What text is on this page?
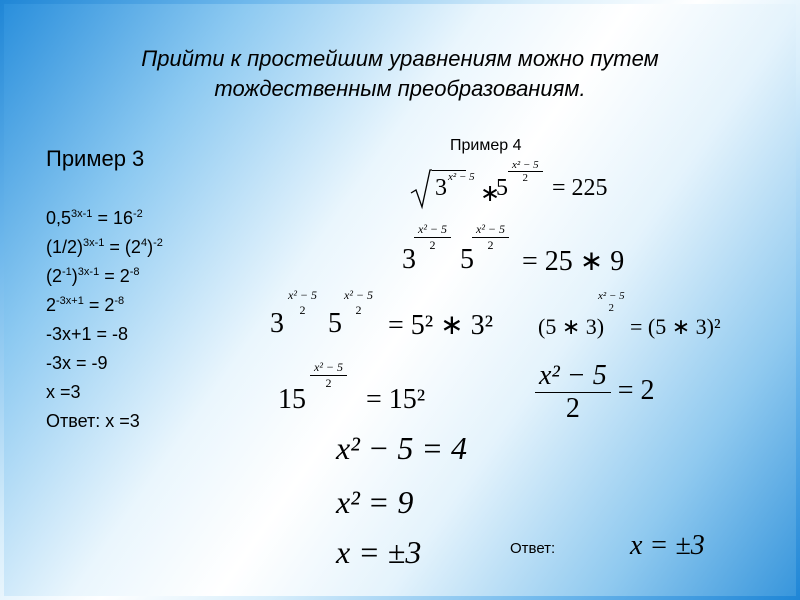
Прийти к простейшим уравнениям можно путем тождественным преобразованиям.
Пример 3
$0,5^{3x-1} = 16^{-2}$
$(1/2)^{3x-1} = (2^4)^{-2}$
$(2^{-1})^{3x-1} = 2^{-8}$
$2^{-3x+1} = 2^{-8}$
-3x+1 = -8
-3x = -9
x =3
Ответ: x =3
Пример 4
3 x² − 5
∗
5
$\frac{\text{x² − 5}}{2}$
= 225
3
$\frac{\text{x² − 5}}{2}$
5
$\frac{\text{x² − 5}}{2}$
= 25 ∗ 9
3
x² − 5
2 5
x² − 5
2 = 5² ∗ 3² (5 ∗ 3)
x² − 5
2
= (5 ∗ 3)²
15
$\frac{\text{x² − 5}}{2}$
= 15²	$\frac{\text{x² − 5}}{2} = 2$
x² − 5 = 4
x² = 9
x = ±3	Ответ:	x = ±3
